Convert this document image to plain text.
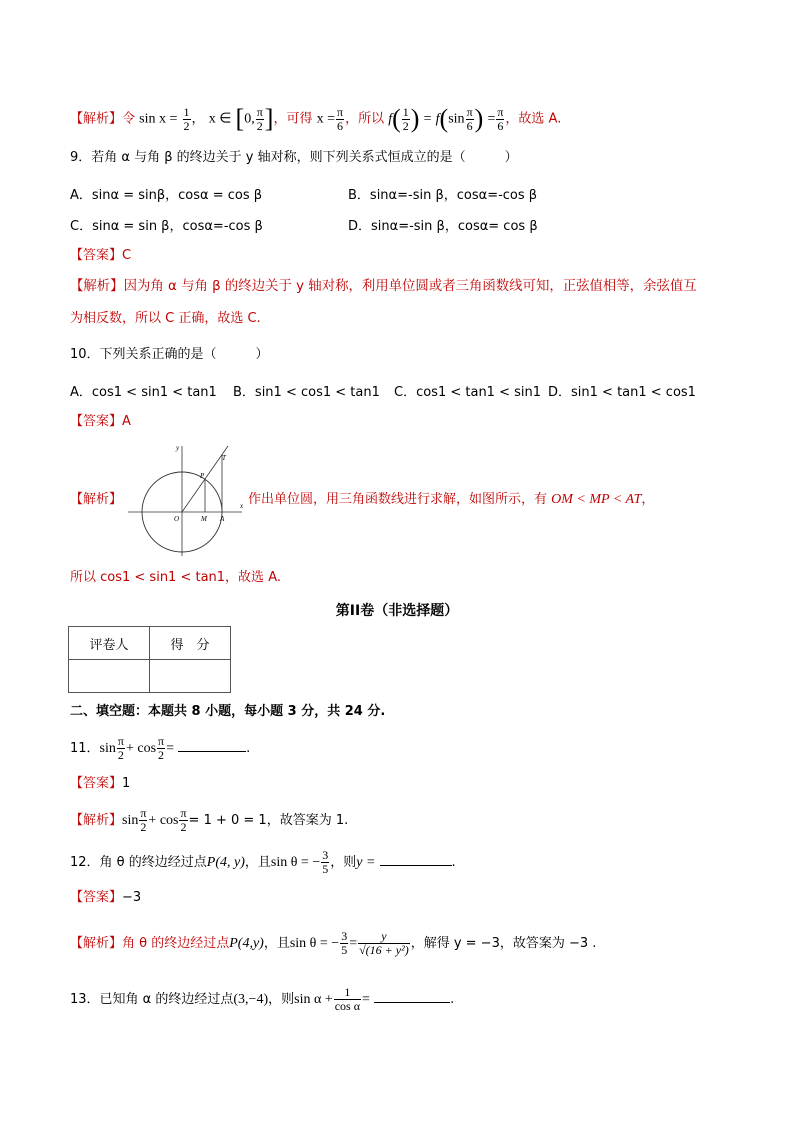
【解析】令 $\sin x = \frac{1}{2}$ ， x ∈ [0, $\frac{\pi}{2}$ ]，可得 $x = \frac{\pi}{6}$ ，所以 $f( \frac{1}{2}$ ) = $f(\sin \frac{\pi}{6}$ ) = $\frac{\pi}{6}$ ，故选 A.
9．若角 α 与角 β 的终边关于 y 轴对称，则下列关系式恒成立的是（　　　）
A．sinα = sinβ，cosα = cos β	B．sinα=-sin β，cosα=-cos β
C．sinα = sin β，cosα=-cos β	D．sinα=-sin β，cosα= cos β
【答案】C
【解析】因为角 α 与角 β 的终边关于 y 轴对称，利用单位圆或者三角函数线可知，正弦值相等，余弦值互
为相反数，所以 C 正确，故选 C.
10．下列关系正确的是（　　　）
A．cos1 < sin1 < tan1 B．sin1 < cos1 < tan1 C．cos1 < tan1 < sin1 D．sin1 < tan1 < cos1
【答案】A
【解析】
y
x
O	M A
P
T
作出单位圆，用三角函数线进行求解，如图所示，有 OM < MP < AT，
所以 cos1 < sin1 < tan1，故选 A.
第II卷（非选择题）
评卷人	得　分

二、填空题：本题共 8 小题，每小题 3 分，共 24 分.
11．$\sin \frac{\pi}{2} + \cos \frac{\pi}{2}$ =	.
【答案】1
【解析】$\sin \frac{\pi}{2} + \cos \frac{\pi}{2} = 1 + 0 = 1$，故答案为 1.
12．角 θ 的终边经过点P(4, y)，且sin θ = − $\frac{3}{5}$ ，则y =	.
【答案】−3
【解析】角 θ 的终边经过点P(4,y)，且sin θ = − $\frac{3}{5} = \frac{y}{\text{√(16 + y²)}}$ ，解得 y = −3，故答案为 −3 .
13．已知角 α 的终边经过点(3,−4)，则$\sin \alpha + \frac{1}{\text{cos α}}$ =	.
